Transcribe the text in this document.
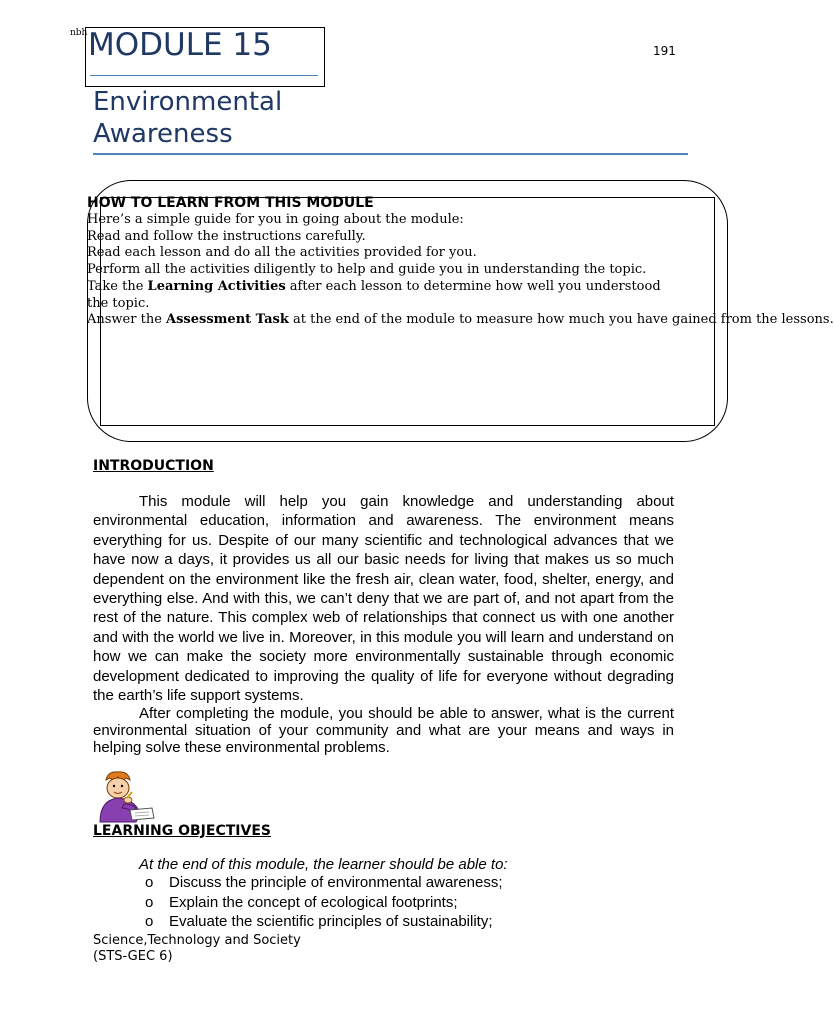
nbh MODULE 15	191
Environmental
Awareness
HOW TO LEARN FROM THIS MODULE
Here’s a simple guide for you in going about the module:
Read and follow the instructions carefully.
Read each lesson and do all the activities provided for you.
Perform all the activities diligently to help and guide you in understanding the topic.
Take the Learning Activities after each lesson to determine how well you understood
the topic.
Answer the Assessment Task at the end of the module to measure how much you have gained from the lessons.
INTRODUCTION

This module will help you gain knowledge and understanding about environmental education, information and awareness. The environment means everything for us. Despite of our many scientific and technological advances that we have now a days, it provides us all our basic needs for living that makes us so much dependent on the environment like the fresh air, clean water, food, shelter, energy, and everything else. And with this, we can’t deny that we are part of, and not apart from the rest of the nature. This complex web of relationships that connect us with one another and with the world we live in. Moreover, in this module you will learn and understand on how we can make the society more environmentally sustainable through economic development dedicated to improving the quality of life for everyone without degrading the earth’s life support systems.

After completing the module, you should be able to answer, what is the current environmental situation of your community and what are your means and ways in helping solve these environmental problems.

LEARNING OBJECTIVES
At the end of this module, the learner should be able to:
o	Discuss the principle of environmental awareness;
o	Explain the concept of ecological footprints;
o	Evaluate the scientific principles of sustainability;
Science,Technology and Society
(STS-GEC 6)
